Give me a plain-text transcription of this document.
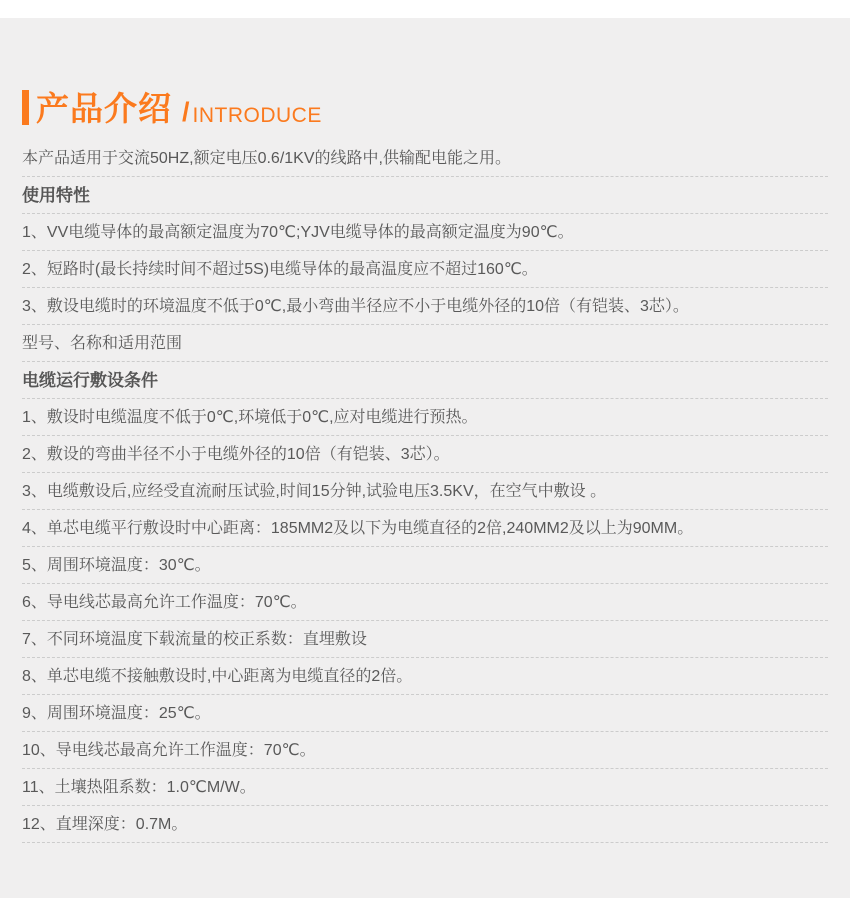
产品介绍 / INTRODUCE
本产品适用于交流50HZ,额定电压0.6/1KV的线路中,供输配电能之用。
使用特性
1、VV电缆导体的最高额定温度为70℃;YJV电缆导体的最高额定温度为90℃。
2、短路时(最长持续时间不超过5S)电缆导体的最高温度应不超过160℃。
3、敷设电缆时的环境温度不低于0℃,最小弯曲半径应不小于电缆外径的10倍（有铠装、3芯）。
型号、名称和适用范围
电缆运行敷设条件
1、敷设时电缆温度不低于0℃,环境低于0℃,应对电缆进行预热。
2、敷设的弯曲半径不小于电缆外径的10倍（有铠装、3芯）。
3、电缆敷设后,应经受直流耐压试验,时间15分钟,试验电压3.5KV，在空气中敷设 。
4、单芯电缆平行敷设时中心距离：185MM2及以下为电缆直径的2倍,240MM2及以上为90MM。
5、周围环境温度：30℃。
6、导电线芯最高允许工作温度：70℃。
7、不同环境温度下载流量的校正系数：直埋敷设
8、单芯电缆不接触敷设时,中心距离为电缆直径的2倍。
9、周围环境温度：25℃。
10、导电线芯最高允许工作温度：70℃。
11、土壤热阻系数：1.0℃M/W。
12、直埋深度：0.7M。
